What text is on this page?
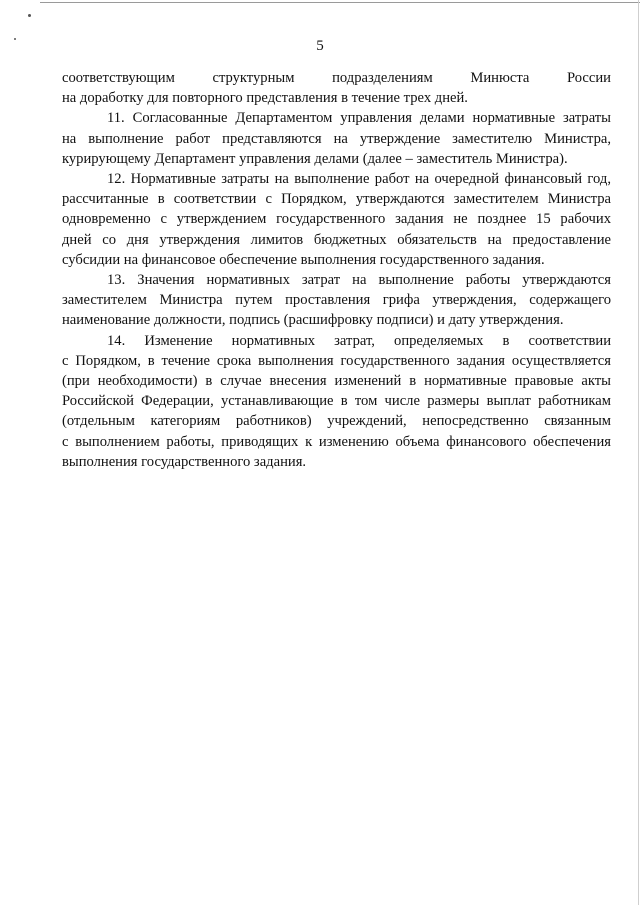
5

соответствующим структурным подразделениям Минюста России
на доработку для повторного представления в течение трех дней.

11. Согласованные Департаментом управления делами нормативные затраты
на выполнение работ представляются на утверждение заместителю Министра,
курирующему Департамент управления делами (далее – заместитель Министра).

12. Нормативные затраты на выполнение работ на очередной финансовый год,
рассчитанные в соответствии с Порядком, утверждаются заместителем Министра
одновременно с утверждением государственного задания не позднее 15 рабочих
дней со дня утверждения лимитов бюджетных обязательств на предоставление
субсидии на финансовое обеспечение выполнения государственного задания.

13. Значения нормативных затрат на выполнение работы утверждаются
заместителем Министра путем проставления грифа утверждения, содержащего
наименование должности, подпись (расшифровку подписи) и дату утверждения.

14. Изменение нормативных затрат, определяемых в соответствии
с Порядком, в течение срока выполнения государственного задания осуществляется
(при необходимости) в случае внесения изменений в нормативные правовые акты
Российской Федерации, устанавливающие в том числе размеры выплат работникам
(отдельным категориям работников) учреждений, непосредственно связанным
с выполнением работы, приводящих к изменению объема финансового обеспечения
выполнения государственного задания.
